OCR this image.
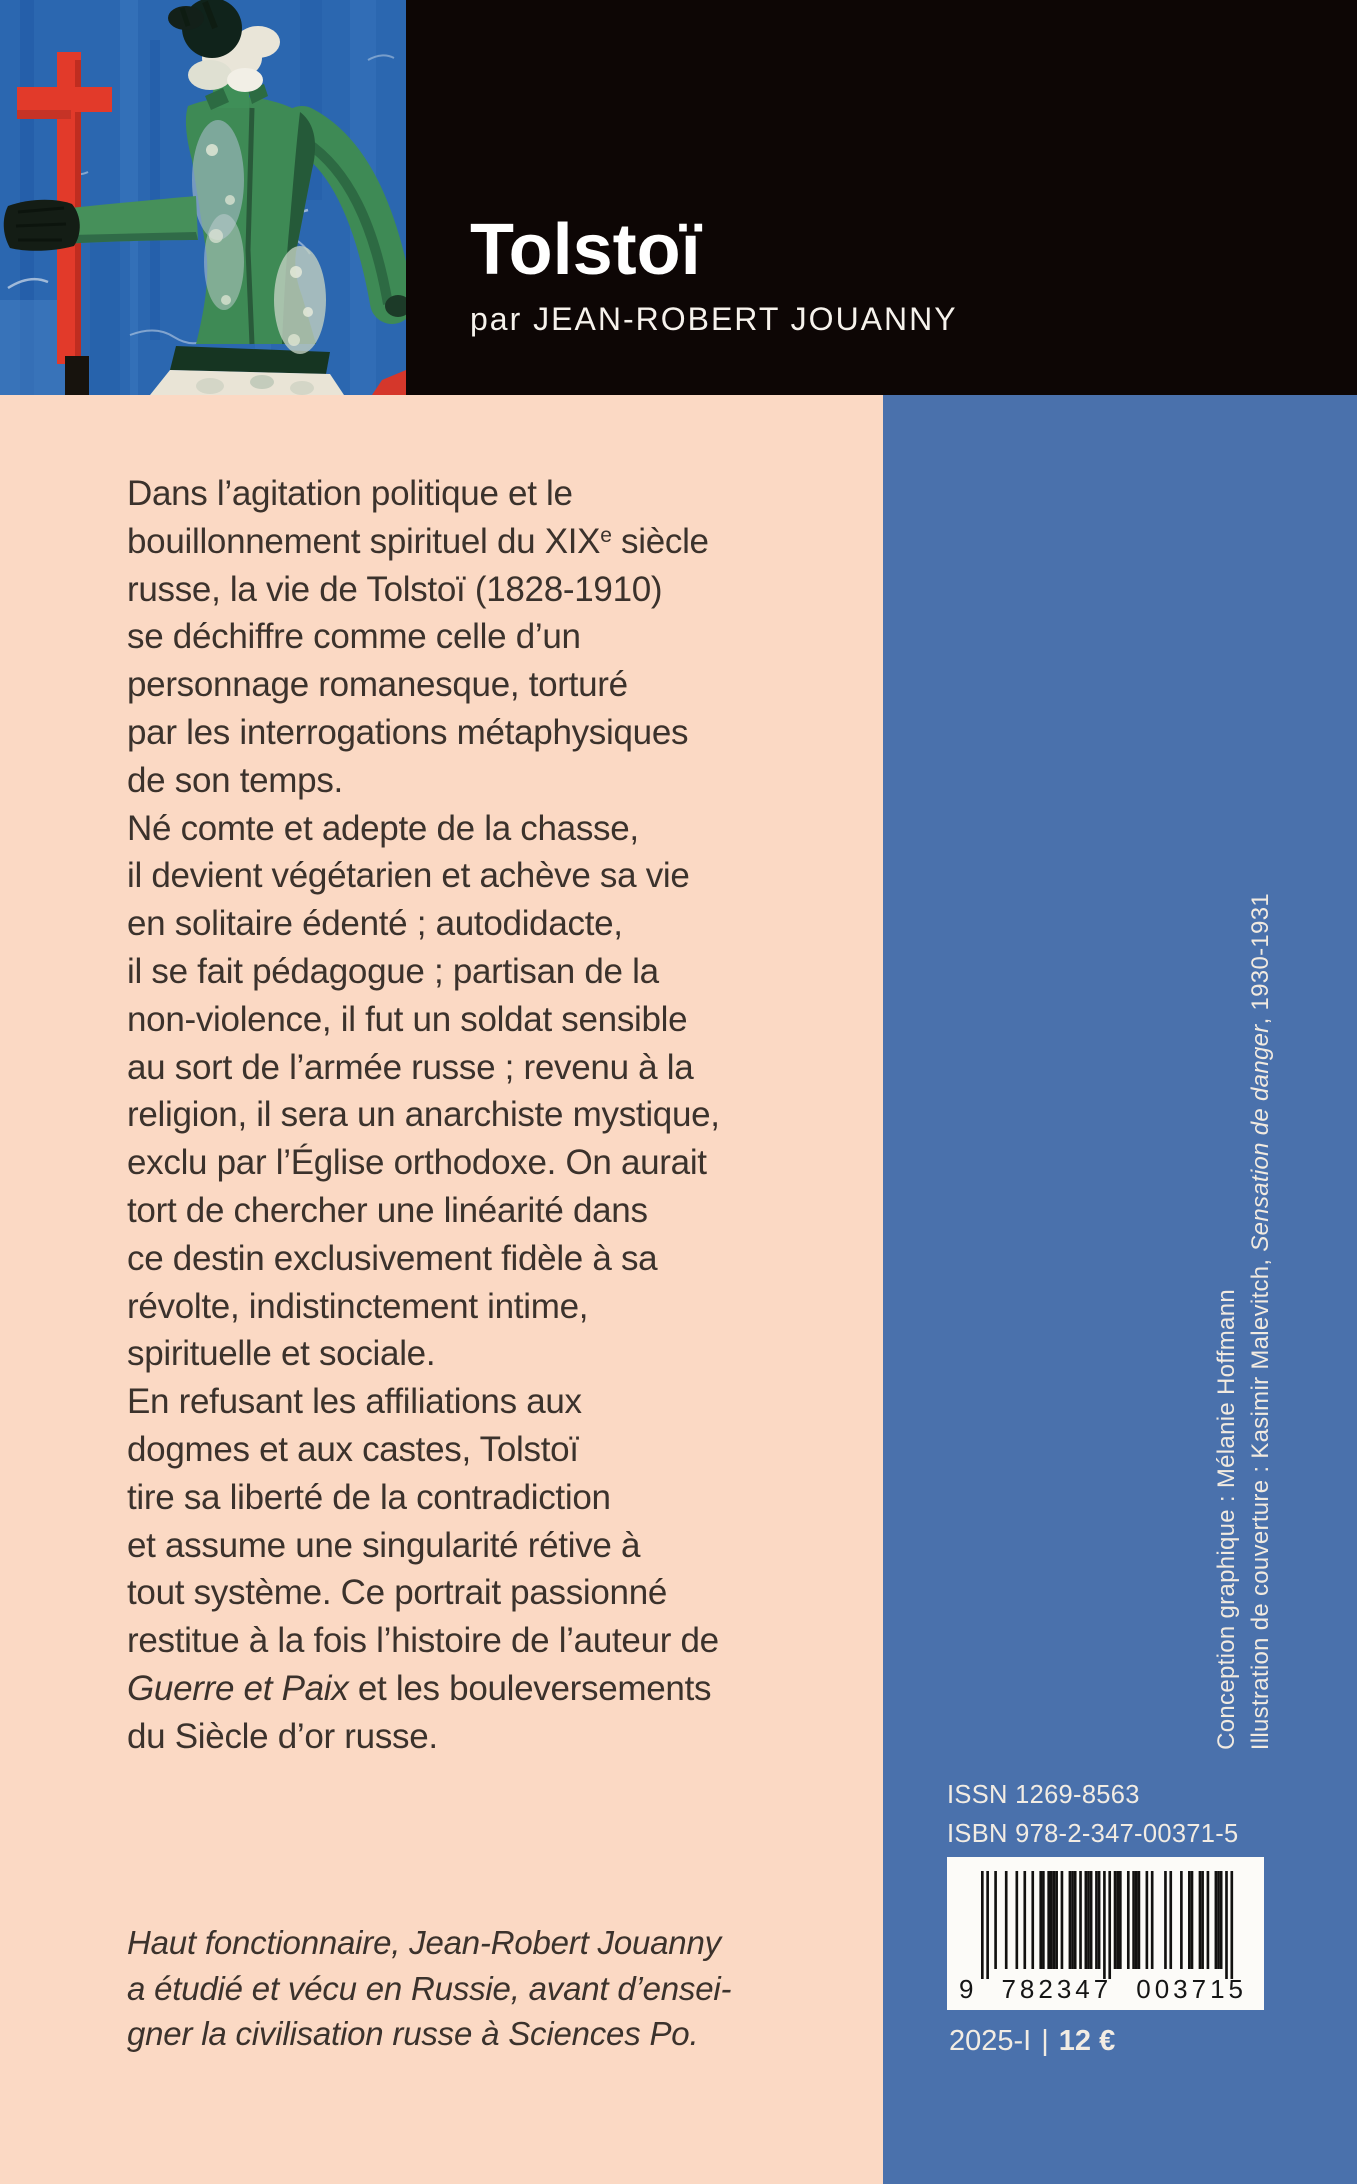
Tolstoï
par JEAN-ROBERT JOUANNY
Dans l’agitation politique et le
bouillonnement spirituel du XIXe siècle
russe, la vie de Tolstoï (1828-1910)
se déchiffre comme celle d’un
personnage romanesque, torturé
par les interrogations métaphysiques
de son temps.
Né comte et adepte de la chasse,
il devient végétarien et achève sa vie
en solitaire édenté ; autodidacte,
il se fait pédagogue ; partisan de la
non-violence, il fut un soldat sensible
au sort de l’armée russe ; revenu à la
religion, il sera un anarchiste mystique,
exclu par l’Église orthodoxe. On aurait
tort de chercher une linéarité dans
ce destin exclusivement fidèle à sa
révolte, indistinctement intime,
spirituelle et sociale.
En refusant les affiliations aux
dogmes et aux castes, Tolstoï
tire sa liberté de la contradiction
et assume une singularité rétive à
tout système. Ce portrait passionné
restitue à la fois l’histoire de l’auteur de
Guerre et Paix et les bouleversements
du Siècle d’or russe.
Haut fonctionnaire, Jean-Robert Jouanny
a étudié et vécu en Russie, avant d’ensei-
gner la civilisation russe à Sciences Po.
Conception graphique : Mélanie Hoffmann Illustration de couverture : Kasimir Malevitch, Sensation de danger, 1930-1931
ISSN 1269-8563
ISBN 978-2-347-00371-5
9 782347 003715
2025-I | 12 €
